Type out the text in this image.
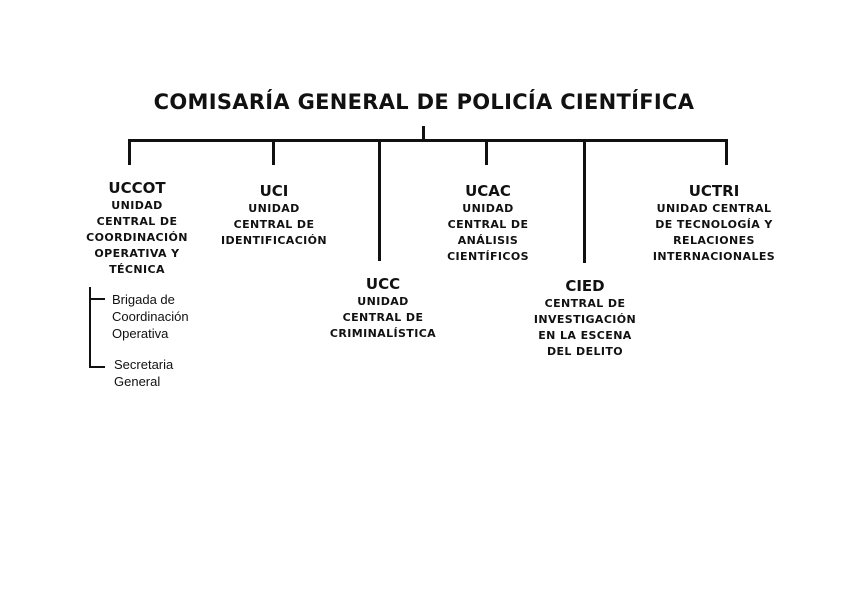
COMISARÍA GENERAL DE POLICÍA CIENTÍFICA
UCCOT
UNIDAD
CENTRAL DE
COORDINACIÓN
OPERATIVA Y
TÉCNICA
UCI
UNIDAD
CENTRAL DE
IDENTIFICACIÓN
UCC
UNIDAD
CENTRAL DE
CRIMINALÍSTICA
UCAC
UNIDAD
CENTRAL DE
ANÁLISIS
CIENTÍFICOS
CIED
CENTRAL DE
INVESTIGACIÓN
EN LA ESCENA
DEL DELITO
UCTRI
UNIDAD CENTRAL
DE TECNOLOGÍA Y
RELACIONES
INTERNACIONALES
Brigada de
Coordinación
Operativa
Secretaria
General
